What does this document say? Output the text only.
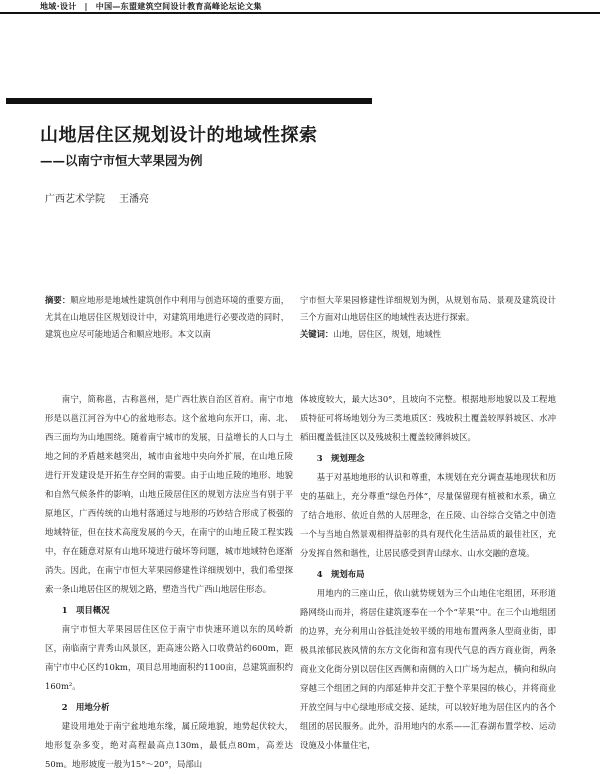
地域·设计 | 中国—东盟建筑空间设计教育高峰论坛论文集
山地居住区规划设计的地域性探索
——以南宁市恒大苹果园为例
广西艺术学院 王潘亮
摘要：顺应地形是地域性建筑创作中利用与创造环境的重要方面，尤其在山地居住区规划设计中，对建筑用地进行必要改造的同时，建筑也应尽可能地适合和顺应地形。本文以南
宁市恒大苹果园修建性详细规划为例，从规划布局、景观及建筑设计三个方面对山地居住区的地域性表达进行探索。
关键词：山地，居住区，规划，地域性

南宁，简称邕，古称邕州，是广西壮族自治区首府。南宁市地形是以邕江河谷为中心的盆地形态。这个盆地向东开口，南、北、西三面均为山地围绕。随着南宁城市的发展，日益增长的人口与土地之间的矛盾越来越突出，城市由盆地中央向外扩展，在山地丘陵进行开发建设是开拓生存空间的需要。由于山地丘陵的地形、地貌和自然气候条件的影响，山地丘陵居住区的规划方法应当有别于平原地区，广西传统的山地村落通过与地形的巧妙结合形成了极强的地域特征，但在技术高度发展的今天，在南宁的山地丘陵工程实践中，存在随意对原有山地环境进行破坏等问题，城市地域特色逐渐消失。因此，在南宁市恒大苹果园修建性详细规划中，我们希望探索一条山地居住区的规划之路，塑造当代广西山地居住形态。

1　项目概况

南宁市恒大苹果园居住区位于南宁市快速环道以东的凤岭新区，南临南宁青秀山风景区，距高速公路入口收费站约600m，距南宁市中心区约10km，项目总用地面积约1100亩，总建筑面积约160m²。

2　用地分析

建设用地处于南宁盆地地东缘，属丘陵地貌，地势起伏较大，地形复杂多变，绝对高程最高点130m，最低点80m，高差达50m。地形坡度一般为15°～20°，局部山

体坡度较大，最大达30°，且坡向不完整。根据地形地貌以及工程地质特征可将场地划分为三类地质区：残坡积土覆盖较厚斜坡区、水冲稻田覆盖低洼区以及残坡积土覆盖较薄斜坡区。

3　规划理念

基于对基地地形的认识和尊重，本规划在充分调查基地现状和历史的基础上，充分尊重“绿色丹体”，尽量保留现有植被和水系，确立了结合地形、依近自然的人居理念，在丘陵、山谷综合交错之中创造一个与当地自然景观相得益彰的具有现代化生活品质的最佳社区，充分发挥自然和谐性，让居民感受到青山绿水、山水交融的意境。

4　规划布局

用地内的三座山丘，依山就势规划为三个山地住宅组团，环形道路网绕山而并，将居住建筑逐奉在一个个“苹果”中。在三个山地组团的边界，充分利用山谷低洼处较平缓的用地布置两条人型商业街，即极具浓郁民族风情的东方文化街和富有现代气息的西方商业街，两条商业文化街分别以居住区西侧和南侧的入口广场为起点，横向和纵向穿越三个组团之间的内部延伸并交汇于整个苹果园的核心，并将商业开放空间与中心绿地形成交接、延续，可以较好地为居住区内的各个组团的居民服务。此外，沿用地内的水系——汇春湖布置学校、运动设施及小体量住宅，
